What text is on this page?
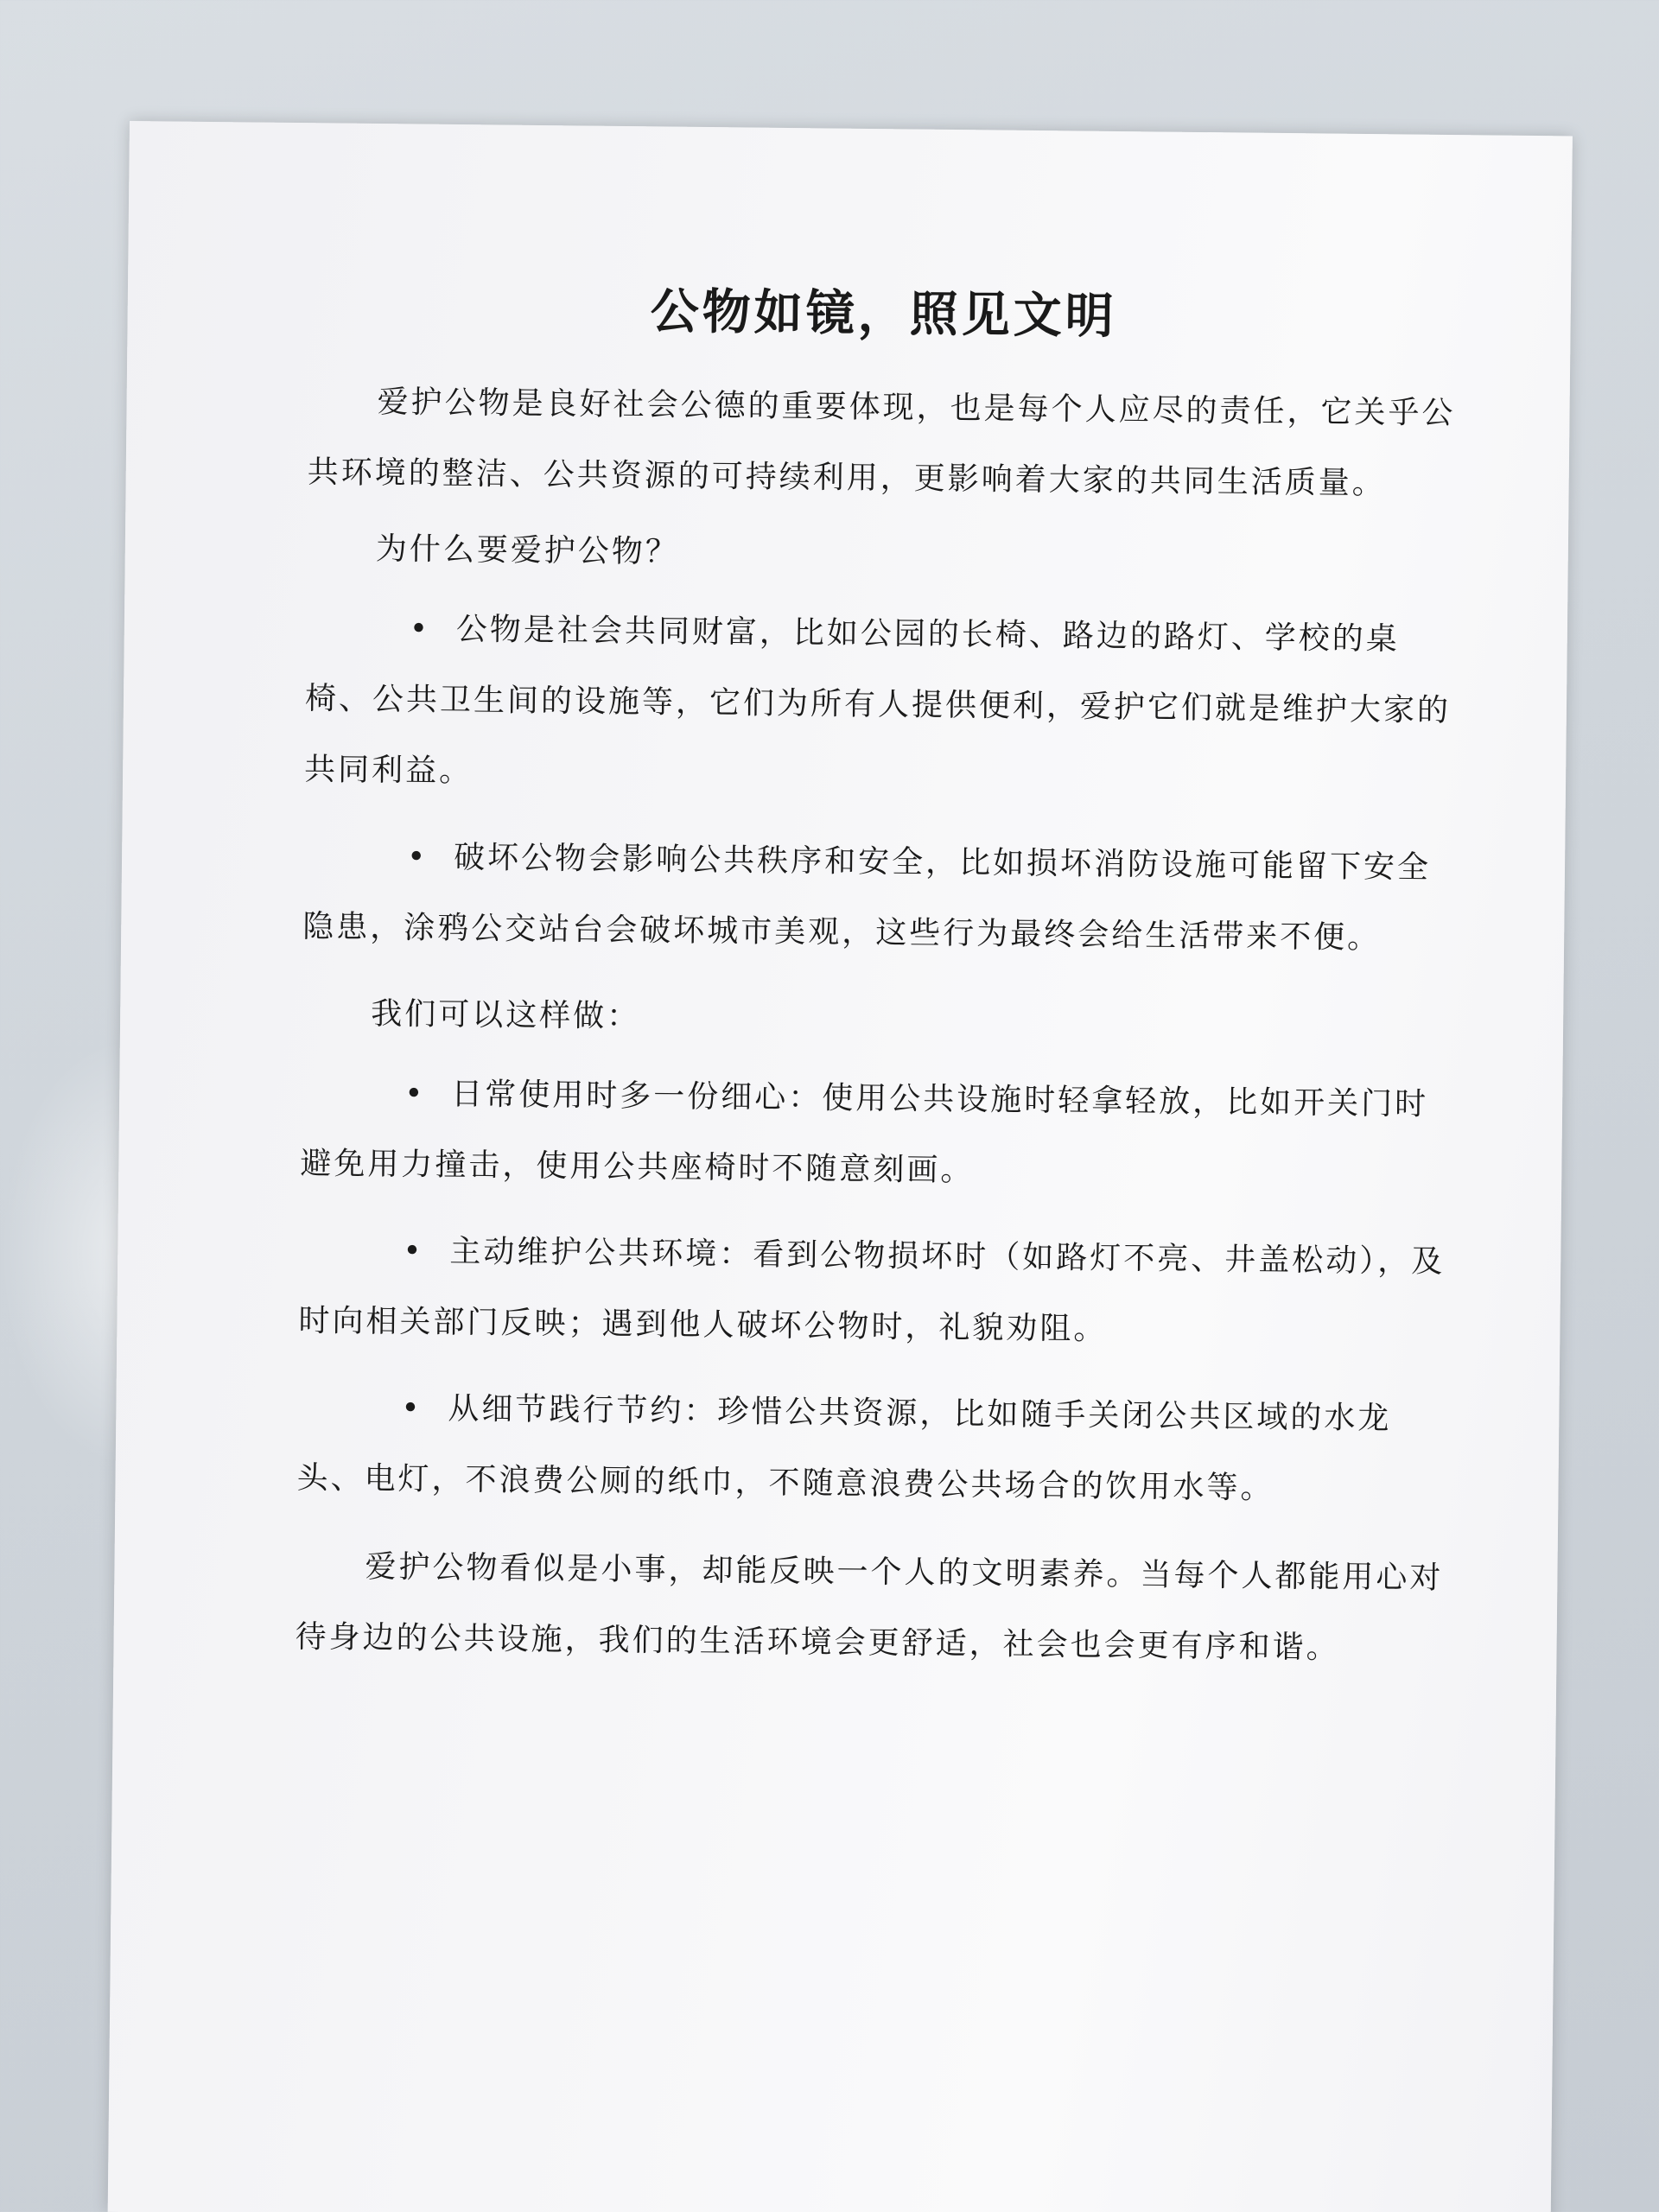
公物如镜，照见文明

爱护公物是良好社会公德的重要体现，也是每个人应尽的责任，它关乎公共环境的整洁、公共资源的可持续利用，更影响着大家的共同生活质量。

为什么要爱护公物？
• 公物是社会共同财富，比如公园的长椅、路边的路灯、学校的桌椅、公共卫生间的设施等，它们为所有人提供便利，爱护它们就是维护大家的共同利益。
• 破坏公物会影响公共秩序和安全，比如损坏消防设施可能留下安全隐患，涂鸦公交站台会破坏城市美观，这些行为最终会给生活带来不便。
我们可以这样做：
• 日常使用时多一份细心：使用公共设施时轻拿轻放，比如开关门时避免用力撞击，使用公共座椅时不随意刻画。
• 主动维护公共环境：看到公物损坏时（如路灯不亮、井盖松动），及时向相关部门反映；遇到他人破坏公物时，礼貌劝阻。
• 从细节践行节约：珍惜公共资源，比如随手关闭公共区域的水龙头、电灯，不浪费公厕的纸巾，不随意浪费公共场合的饮用水等。

爱护公物看似是小事，却能反映一个人的文明素养。当每个人都能用心对待身边的公共设施，我们的生活环境会更舒适，社会也会更有序和谐。
